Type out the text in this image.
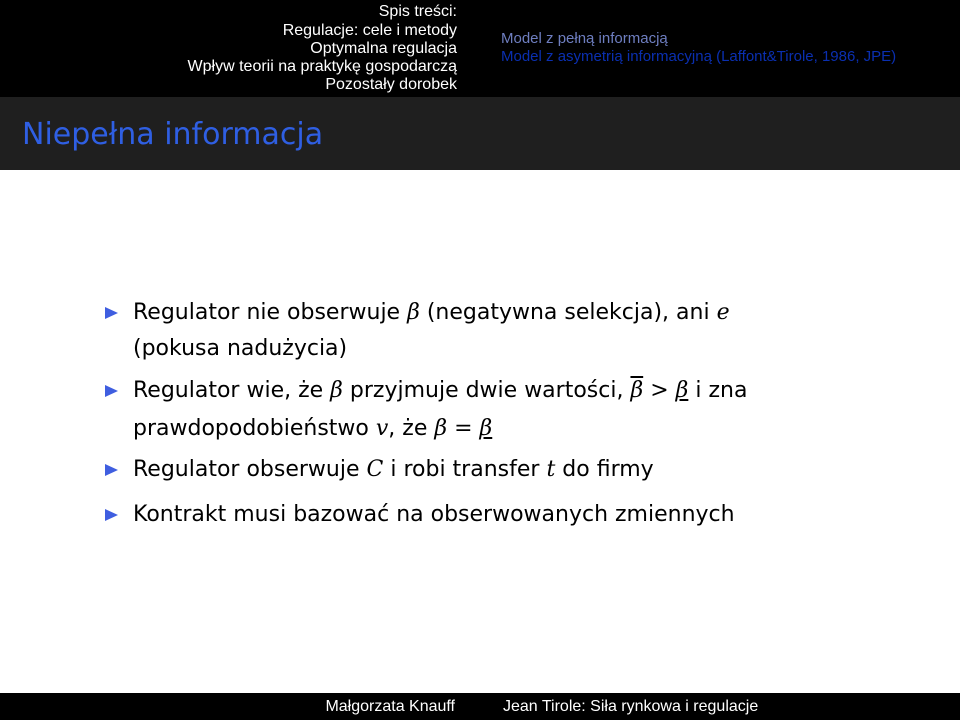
Spis treści:
Regulacje: cele i metody
Optymalna regulacja
Wpływ teorii na praktykę gospodarczą
Pozostały dorobek
Model z pełną informacją
Model z asymetrią informacyjną (Laffont&Tirole, 1986, JPE)
Niepełna informacja
Regulator nie obserwuje β (negatywna selekcja), ani e
(pokusa nadużycia)
Regulator wie, że β przyjmuje dwie wartości, $\overline{\beta} > \beta$ i zna
prawdopodobieństwo v, że β = β
Regulator obserwuje C i robi transfer t do firmy
Kontrakt musi bazować na obserwowanych zmiennych
Małgorzata Knauff	Jean Tirole: Siła rynkowa i regulacje
